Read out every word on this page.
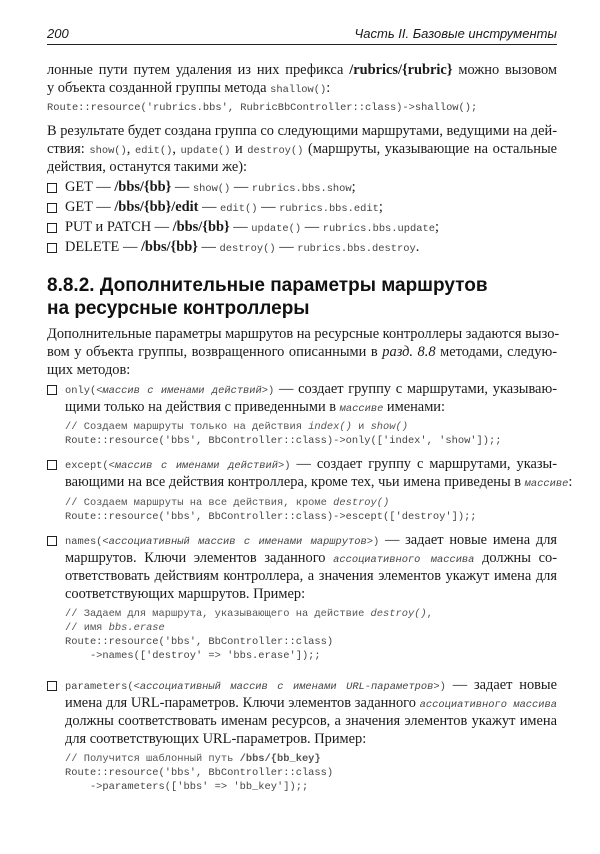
200	Часть II. Базовые инструменты
лонные пути путем удаления из них префикса /rubrics/{rubric} можно вызовом
у объекта созданной группы метода shallow():
Route::resource('rubrics.bbs', RubricBbController::class)->shallow();
В результате будет создана группа со следующими маршрутами, ведущими на дей-
ствия: show(), edit(), update() и destroy() (маршруты, указывающие на остальные
действия, останутся такими же):
GET — /bbs/{bb} — show() — rubrics.bbs.show;
GET — /bbs/{bb}/edit — edit() — rubrics.bbs.edit;
PUT и PATCH — /bbs/{bb} — update() — rubrics.bbs.update;
DELETE — /bbs/{bb} — destroy() — rubrics.bbs.destroy.
8.8.2. Дополнительные параметры маршрутов
на ресурсные контроллеры
Дополнительные параметры маршрутов на ресурсные контроллеры задаются вызо-
вом у объекта группы, возвращенного описанными в разд. 8.8 методами, следую-
щих методов:
only(<массив с именами действий>) — создает группу с маршрутами, указываю-
щими только на действия с приведенными в массиве именами:
// Создаем маршруты только на действия index() и show()
Route::resource('bbs', BbController::class)->only(['index', 'show']);;
except(<массив с именами действий>) — создает группу с маршрутами, указы-
вающими на все действия контроллера, кроме тех, чьи имена приведены в массиве:
// Создаем маршруты на все действия, кроме destroy()
Route::resource('bbs', BbController::class)->escept(['destroy']);;
names(<ассоциативный массив с именами маршрутов>) — задает новые имена для
маршрутов. Ключи элементов заданного ассоциативного массива должны со-
ответствовать действиям контроллера, а значения элементов укажут имена для
соответствующих маршрутов. Пример:
// Задаем для маршрута, указывающего на действие destroy(),
// имя bbs.erase
Route::resource('bbs', BbController::class)
->names(['destroy' => 'bbs.erase']);;
parameters(<ассоциативный массив с именами URL-параметров>) — задает новые
имена для URL-параметров. Ключи элементов заданного ассоциативного массива
должны соответствовать именам ресурсов, а значения элементов укажут имена
для соответствующих URL-параметров. Пример:
// Получится шаблонный путь /bbs/{bb_key}
Route::resource('bbs', BbController::class)
->parameters(['bbs' => 'bb_key']);;
